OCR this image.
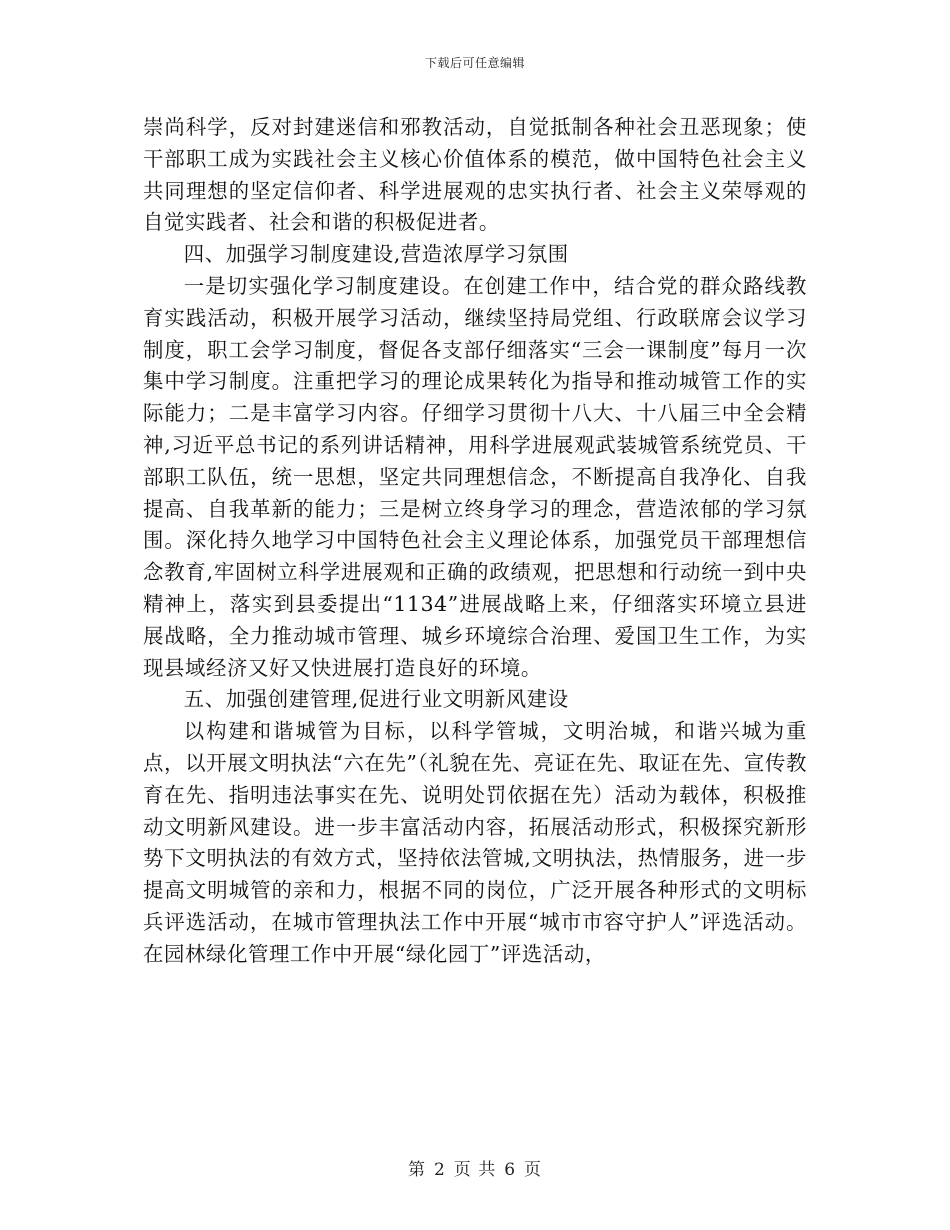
下载后可任意编辑

崇尚科学，反对封建迷信和邪教活动，自觉抵制各种社会丑恶现象；使干部职工成为实践社会主义核心价值体系的模范，做中国特色社会主义共同理想的坚定信仰者、科学进展观的忠实执行者、社会主义荣辱观的自觉实践者、社会和谐的积极促进者。

四、加强学习制度建设,营造浓厚学习氛围

一是切实强化学习制度建设。在创建工作中，结合党的群众路线教育实践活动，积极开展学习活动，继续坚持局党组、行政联席会议学习制度，职工会学习制度，督促各支部仔细落实“三会一课制度”每月一次集中学习制度。注重把学习的理论成果转化为指导和推动城管工作的实际能力；二是丰富学习内容。仔细学习贯彻十八大、十八届三中全会精神,习近平总书记的系列讲话精神，用科学进展观武装城管系统党员、干部职工队伍，统一思想，坚定共同理想信念，不断提高自我净化、自我提高、自我革新的能力；三是树立终身学习的理念，营造浓郁的学习氛围。深化持久地学习中国特色社会主义理论体系，加强党员干部理想信念教育,牢固树立科学进展观和正确的政绩观，把思想和行动统一到中央精神上，落实到县委提出“1134”进展战略上来，仔细落实环境立县进展战略，全力推动城市管理、城乡环境综合治理、爱国卫生工作，为实现县域经济又好又快进展打造良好的环境。

五、加强创建管理,促进行业文明新风建设

以构建和谐城管为目标，以科学管城，文明治城，和谐兴城为重点，以开展文明执法“六在先”（礼貌在先、亮证在先、取证在先、宣传教育在先、指明违法事实在先、说明处罚依据在先）活动为载体，积极推动文明新风建设。进一步丰富活动内容，拓展活动形式，积极探究新形势下文明执法的有效方式，坚持依法管城,文明执法，热情服务，进一步提高文明城管的亲和力，根据不同的岗位，广泛开展各种形式的文明标兵评选活动，在城市管理执法工作中开展“城市市容守护人”评选活动。在园林绿化管理工作中开展“绿化园丁”评选活动，

第 2 页 共 6 页
